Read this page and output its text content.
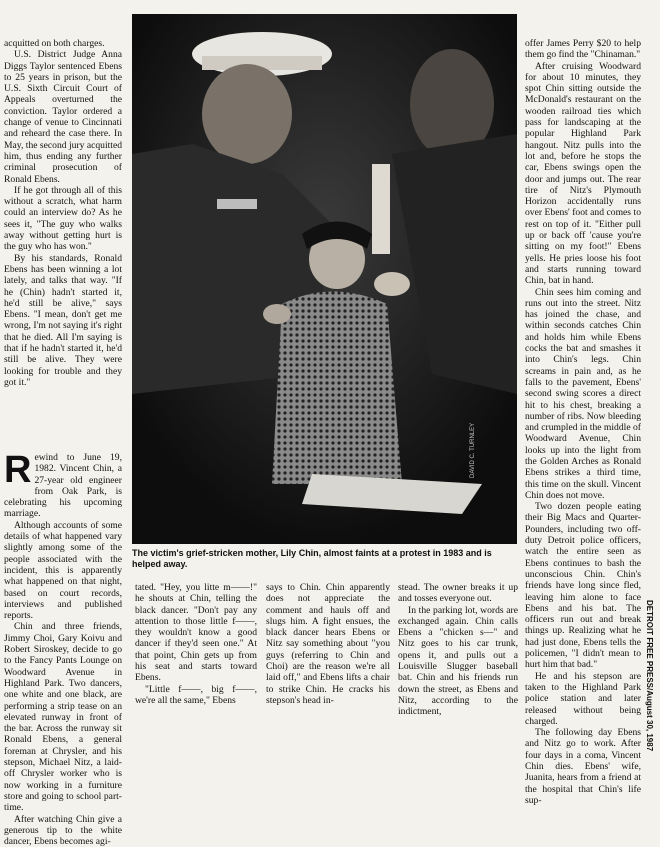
acquitted on both charges.

U.S. District Judge Anna Diggs Taylor sentenced Ebens to 25 years in prison, but the U.S. Sixth Circuit Court of Appeals overturned the conviction. Taylor ordered a change of venue to Cincinnati and reheard the case there. In May, the second jury acquitted him, thus ending any further criminal prosecution of Ronald Ebens.

If he got through all of this without a scratch, what harm could an interview do? As he sees it, "The guy who walks away without getting hurt is the guy who has won."

By his standards, Ronald Ebens has been winning a lot lately, and talks that way. "If he (Chin) hadn't started it, he'd still be alive," says Ebens. "I mean, don't get me wrong, I'm not saying it's right that he died. All I'm saying is that if he hadn't started it, he'd still be alive. They were looking for trouble and they got it."

Rewind to June 19, 1982. Vincent Chin, a 27-year old engineer from Oak Park, is celebrating his upcoming marriage.

Although accounts of some details of what happened vary slightly among some of the people associated with the incident, this is apparently what happened on that night, based on court records, interviews and published reports.

Chin and three friends, Jimmy Choi, Gary Koivu and Robert Siroskey, decide to go to the Fancy Pants Lounge on Woodward Avenue in Highland Park. Two dancers, one white and one black, are performing a strip tease on an elevated runway in front of the bar. Across the runway sit Ronald Ebens, a general foreman at Chrysler, and his stepson, Michael Nitz, a laid-off Chrysler worker who is now working in a furniture store and going to school part-time.

After watching Chin give a generous tip to the white dancer, Ebens becomes agi-

DAVID C. TURNLEY
The victim's grief-stricken mother, Lily Chin, almost faints at a protest in 1983 and is helped away.

tated. "Hey, you litte m——!" he shouts at Chin, telling the black dancer. "Don't pay any attention to those little f——, they wouldn't know a good dancer if they'd seen one." At that point, Chin gets up from his seat and starts toward Ebens.

"Little f——, big f——, we're all the same," Ebens

says to Chin. Chin apparently does not appreciate the comment and hauls off and slugs him. A fight ensues, the black dancer hears Ebens or Nitz say something about "you guys (referring to Chin and Choi) are the reason we're all laid off," and Ebens lifts a chair to strike Chin. He cracks his stepson's head in-

stead. The owner breaks it up and tosses everyone out.

In the parking lot, words are exchanged again. Chin calls Ebens a "chicken s—" and Nitz goes to his car trunk, opens it, and pulls out a Louisville Slugger baseball bat. Chin and his friends run down the street, as Ebens and Nitz, according to the indictment,

offer James Perry $20 to help them go find the "Chinaman."

After cruising Woodward for about 10 minutes, they spot Chin sitting outside the McDonald's restaurant on the wooden railroad ties which pass for landscaping at the popular Highland Park hangout. Nitz pulls into the lot and, before he stops the car, Ebens swings open the door and jumps out. The rear tire of Nitz's Plymouth Horizon accidentally runs over Ebens' foot and comes to rest on top of it. "Either pull up or back off 'cause you're sitting on my foot!" Ebens yells. He pries loose his foot and starts running toward Chin, bat in hand.

Chin sees him coming and runs out into the street. Nitz has joined the chase, and within seconds catches Chin and holds him while Ebens cocks the bat and smashes it into Chin's legs. Chin screams in pain and, as he falls to the pavement, Ebens' second swing scores a direct hit to his chest, breaking a number of ribs. Now bleeding and crumpled in the middle of Woodward Avenue, Chin looks up into the light from the Golden Arches as Ronald Ebens strikes a third time, this time on the skull. Vincent Chin does not move.

Two dozen people eating their Big Macs and Quarter-Pounders, including two off-duty Detroit police officers, watch the entire seen as Ebens continues to bash the unconscious Chin. Chin's friends have long since fled, leaving him alone to face Ebens and his bat. The officers run out and break things up. Realizing what he had just done, Ebens tells the policemen, "I didn't mean to hurt him that bad."

He and his stepson are taken to the Highland Park police station and later released without being charged.

The following day Ebens and Nitz go to work. After four days in a coma, Vincent Chin dies. Ebens' wife, Juanita, hears from a friend at the hospital that Chin's life sup-

DETROIT FREE PRESS/August 30, 1987
